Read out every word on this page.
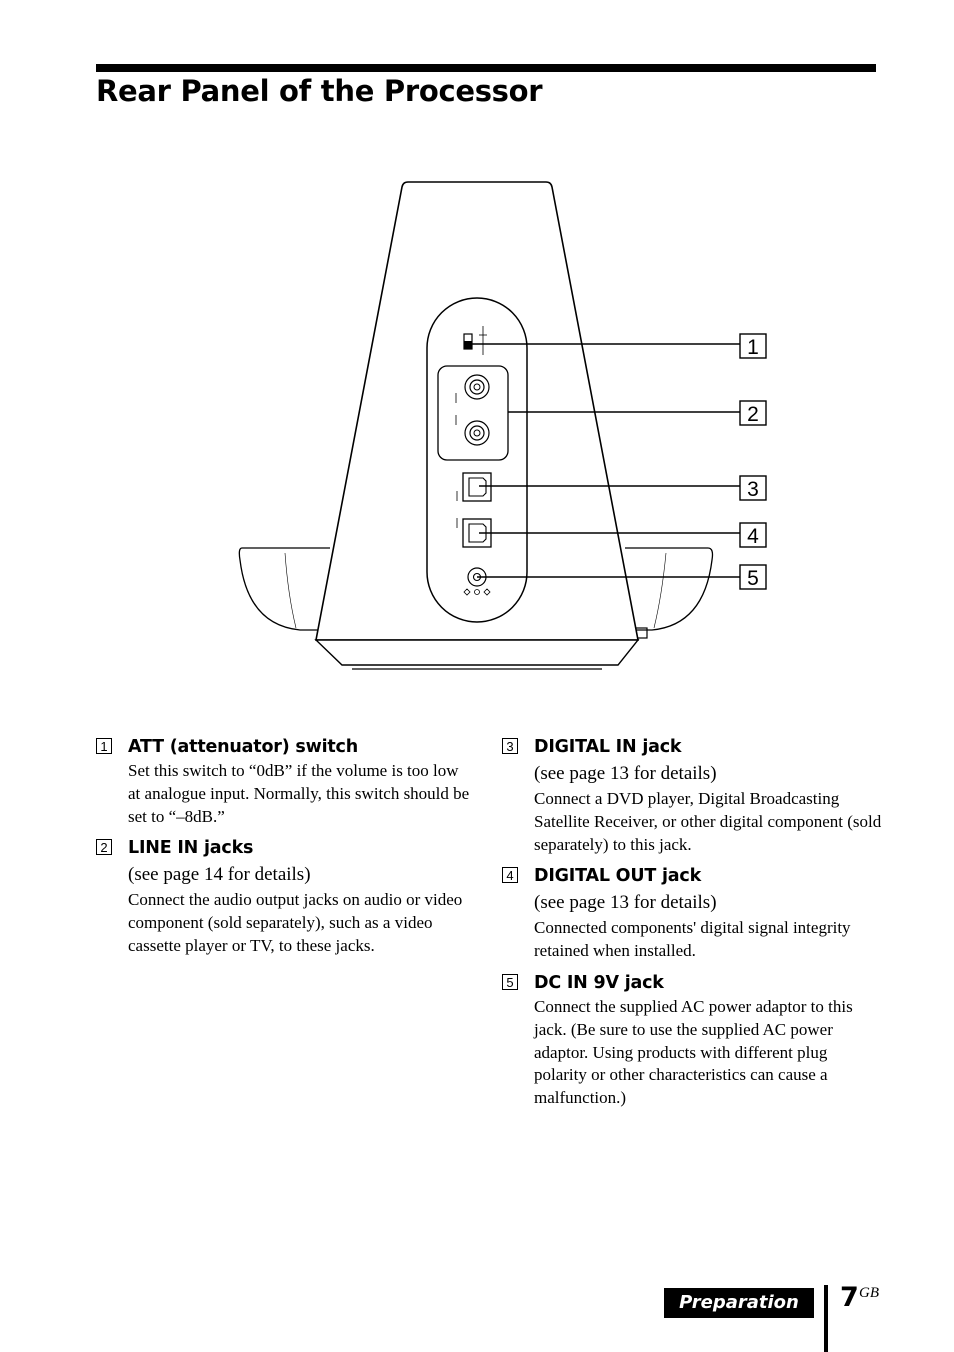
Rear Panel of the Processor
1
2
3
4
5
1 ATT (attenuator) switch
Set this switch to “0dB” if the volume is too low at analogue input. Normally, this switch should be set to “–8dB.”
2 LINE IN jacks
(see page 14 for details)
Connect the audio output jacks on audio or video component (sold separately), such as a video cassette player or TV, to these jacks.
3 DIGITAL IN jack
(see page 13 for details)
Connect a DVD player, Digital Broadcasting Satellite Receiver, or other digital component (sold separately) to this jack.
4 DIGITAL OUT jack
(see page 13 for details)
Connected components' digital signal integrity retained when installed.
5 DC IN 9V jack
Connect the supplied AC power adaptor to this jack. (Be sure to use the supplied AC power adaptor. Using products with different plug polarity or other characteristics can cause a malfunction.)
Preparation	7 GB
